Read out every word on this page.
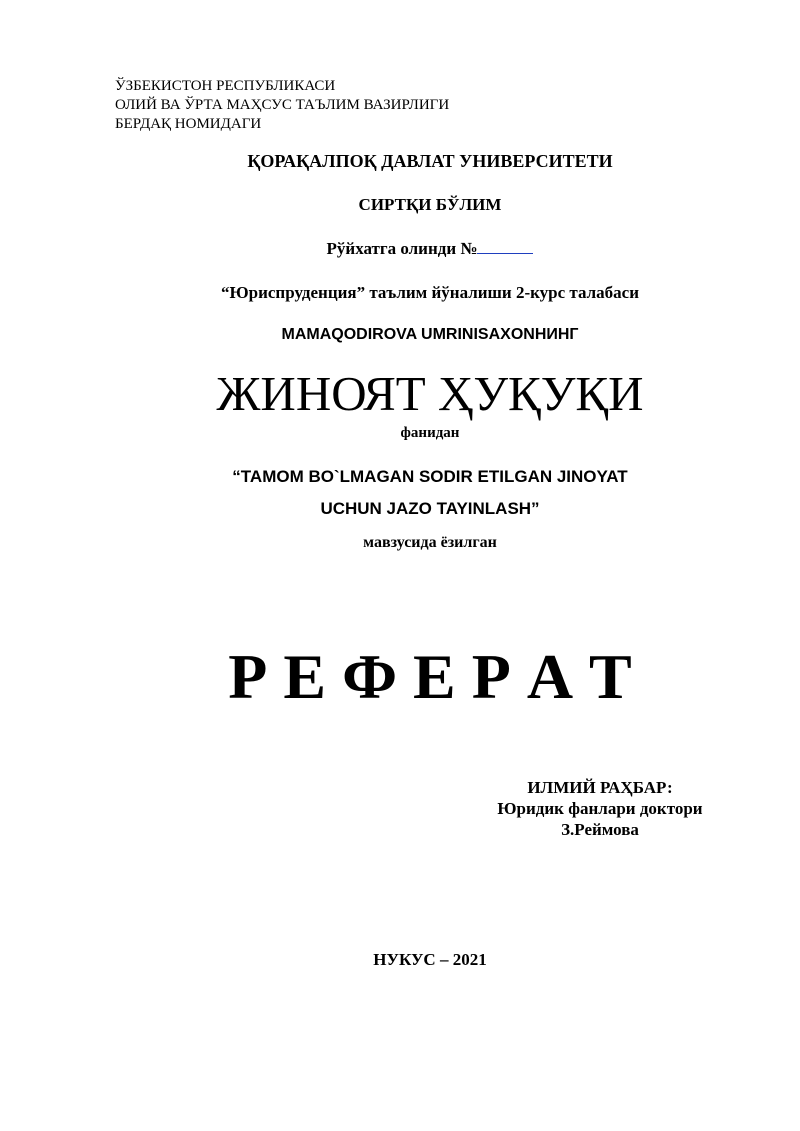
ЎЗБЕКИСТОН РЕСПУБЛИКАСИ
ОЛИЙ ВА ЎРТА МАҲСУС ТАЪЛИМ ВАЗИРЛИГИ
БЕРДАҚ НОМИДАГИ
ҚОРАҚАЛПОҚ ДАВЛАТ УНИВЕРСИТЕТИ
СИРТҚИ БЎЛИМ
Рўйхатга олинди №
“Юриспруденция” таълим йўналиши 2-курс талабаси
MAMAQODIROVA UMRINISAXONНИНГ
ЖИНОЯТ ҲУҚУҚИ
фанидан
“TAMOM BO`LMAGAN SODIR ETILGAN JINOYAT
UCHUN JAZO TAYINLASH”
мавзусида ёзилган
Р Е Ф Е Р А Т
ИЛМИЙ РАҲБАР:
Юридик фанлари доктори
З.Реймова
НУКУС – 2021
